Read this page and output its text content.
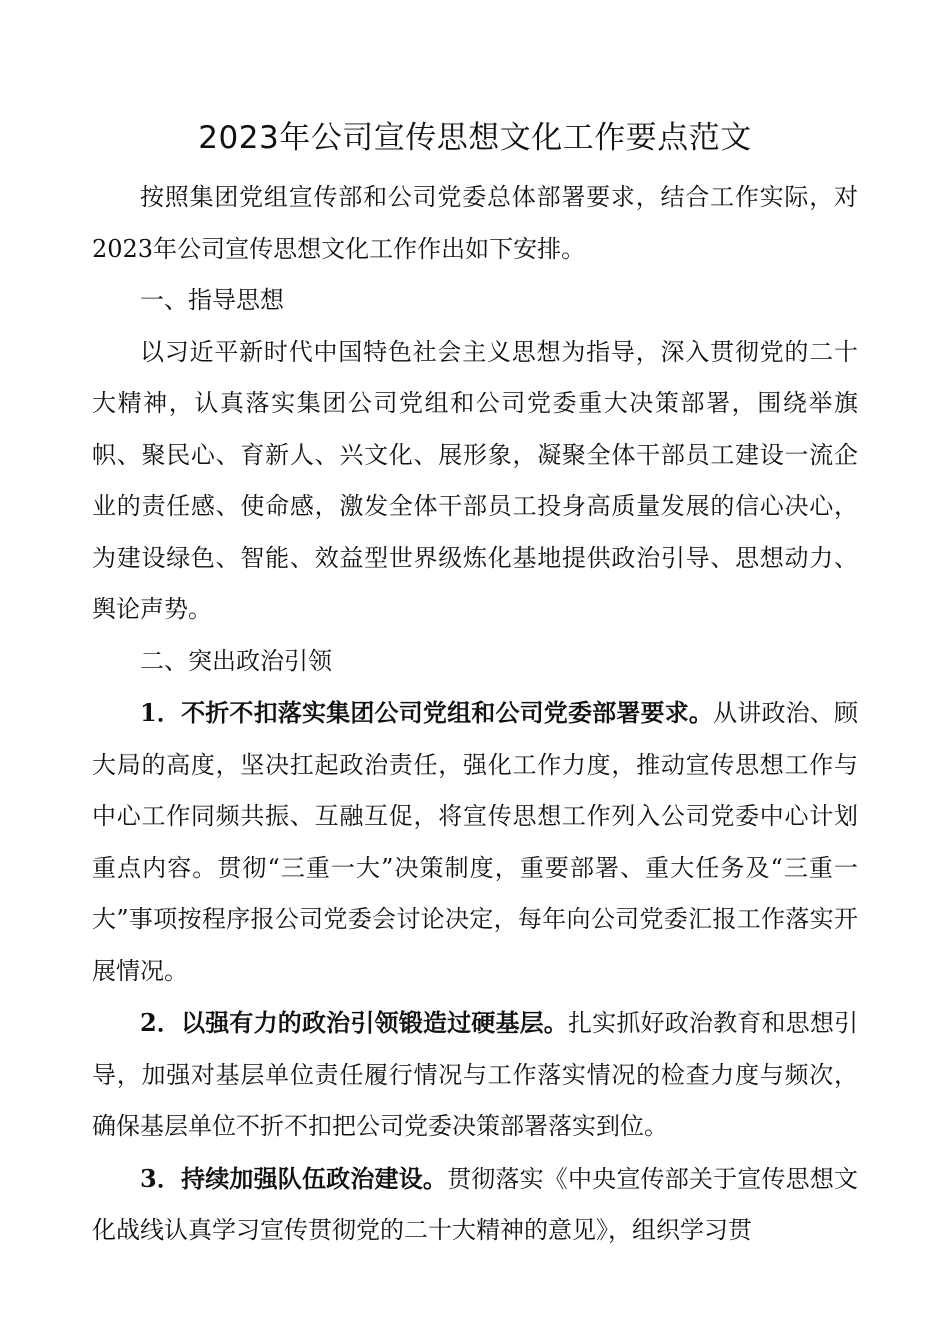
2023年公司宣传思想文化工作要点范文

按照集团党组宣传部和公司党委总体部署要求，结合工作实际，对2023年公司宣传思想文化工作作出如下安排。

一、指导思想

以习近平新时代中国特色社会主义思想为指导，深入贯彻党的二十大精神，认真落实集团公司党组和公司党委重大决策部署，围绕举旗帜、聚民心、育新人、兴文化、展形象，凝聚全体干部员工建设一流企业的责任感、使命感，激发全体干部员工投身高质量发展的信心决心，为建设绿色、智能、效益型世界级炼化基地提供政治引导、思想动力、舆论声势。

二、突出政治引领

1．不折不扣落实集团公司党组和公司党委部署要求。从讲政治、顾大局的高度，坚决扛起政治责任，强化工作力度，推动宣传思想工作与中心工作同频共振、互融互促，将宣传思想工作列入公司党委中心计划重点内容。贯彻“三重一大”决策制度，重要部署、重大任务及“三重一大”事项按程序报公司党委会讨论决定，每年向公司党委汇报工作落实开展情况。

2．以强有力的政治引领锻造过硬基层。扎实抓好政治教育和思想引导，加强对基层单位责任履行情况与工作落实情况的检查力度与频次，确保基层单位不折不扣把公司党委决策部署落实到位。

3．持续加强队伍政治建设。贯彻落实《中央宣传部关于宣传思想文化战线认真学习宣传贯彻党的二十大精神的意见》，组织学习贯
